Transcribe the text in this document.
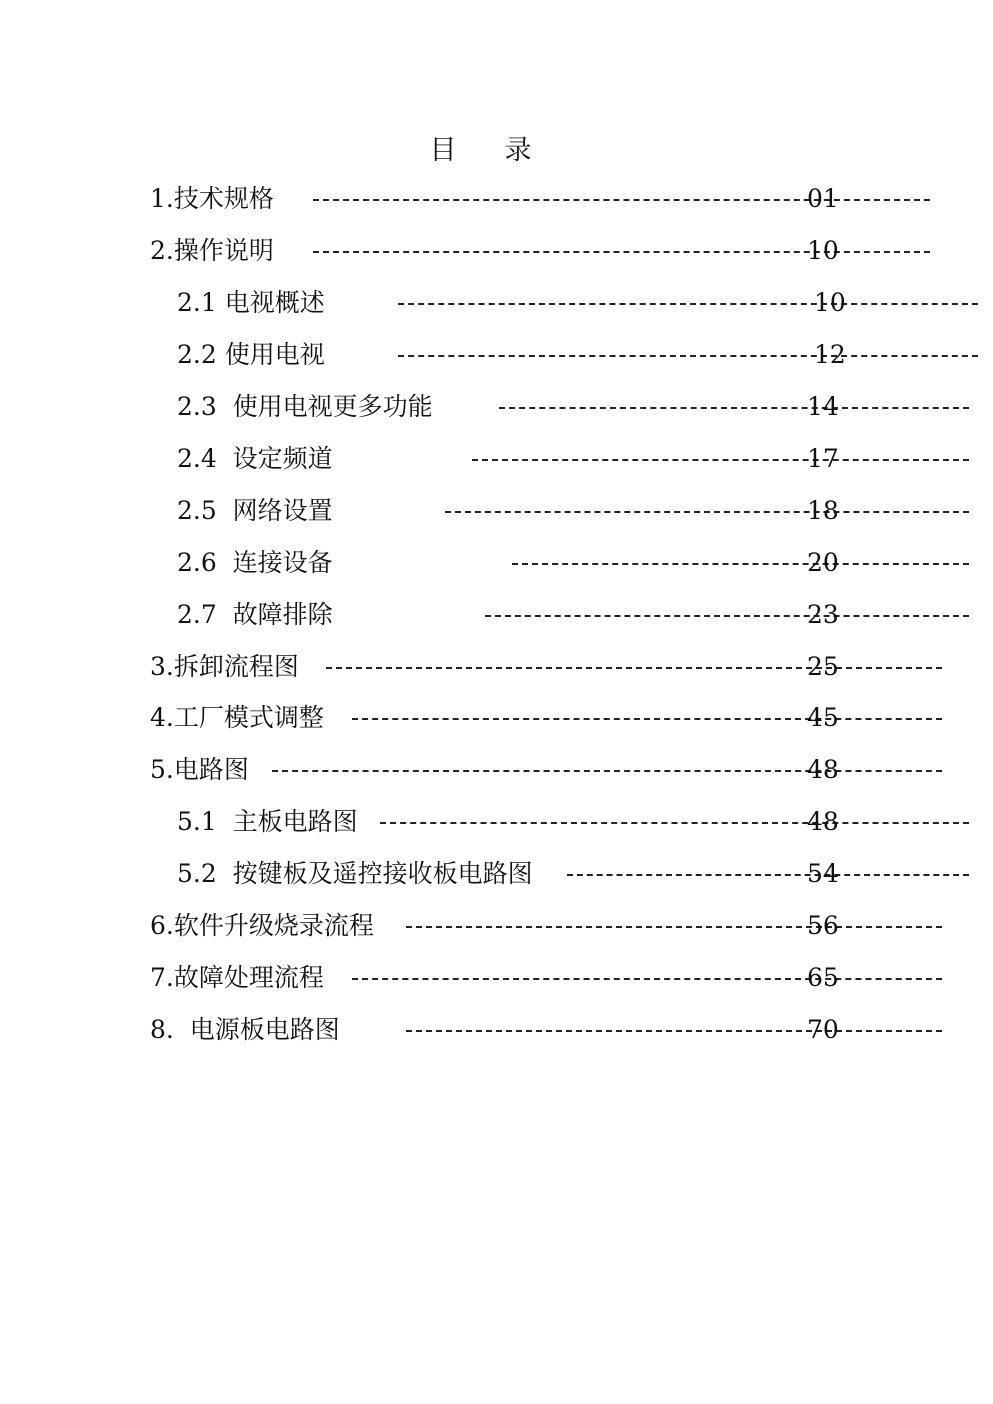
目 录
1.技术规格	01
2.操作说明	10
2.1 电视概述	10
2.2 使用电视	12
2.3  使用电视更多功能	14
2.4  设定频道	17
2.5  网络设置	18
2.6  连接设备	20
2.7  故障排除	23
3.拆卸流程图	25
4.工厂模式调整	45
5.电路图	48
5.1  主板电路图	48
5.2  按键板及遥控接收板电路图	54
6.软件升级烧录流程	56
7.故障处理流程	65
8.  电源板电路图	70
